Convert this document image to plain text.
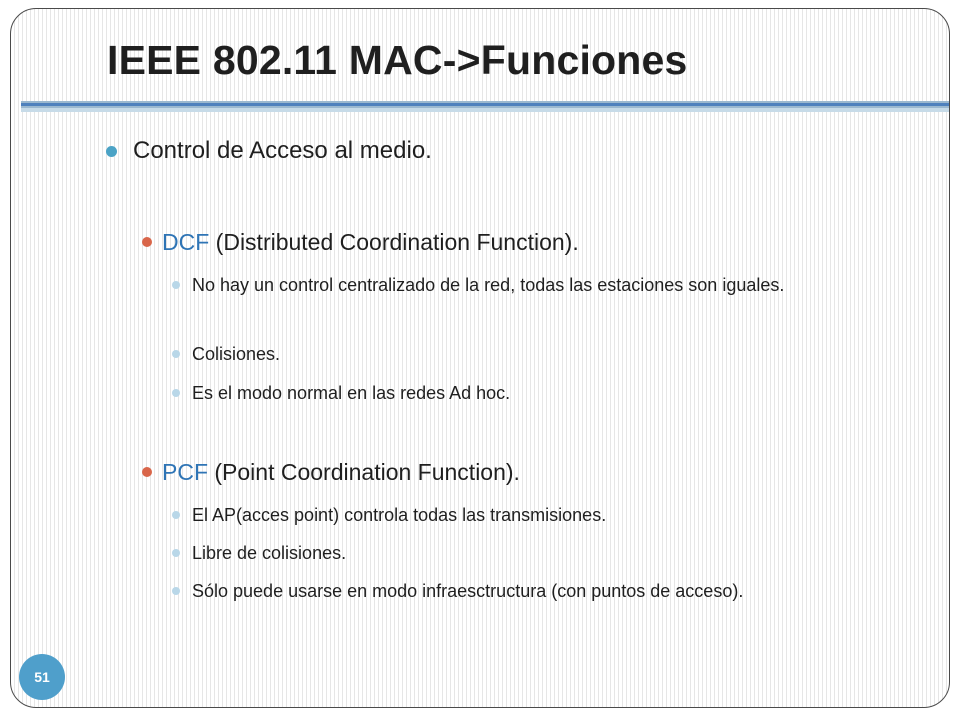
IEEE 802.11 MAC->Funciones
Control de Acceso al medio.
DCF (Distributed Coordination Function).
No hay un control centralizado de la red, todas las estaciones son iguales.
Colisiones.
Es el modo normal en las redes Ad hoc.
PCF (Point Coordination Function).
El AP(acces point) controla todas las transmisiones.
Libre de colisiones.
Sólo puede usarse en modo infraesctructura (con puntos de acceso).
51
